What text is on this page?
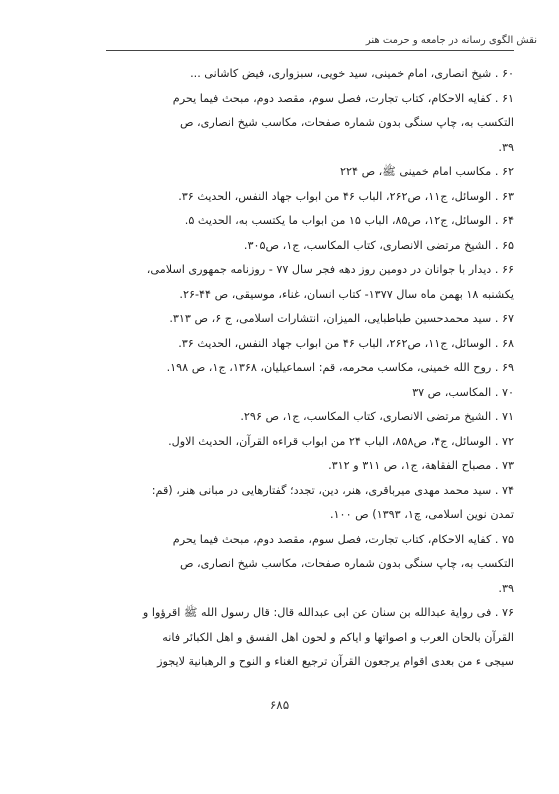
نقش الگوی رسانه در جامعه و حرمت هنر
۶۰ . شیخ انصاری، امام خمینی، سید خویی، سبزواری، فیض کاشانی ...
۶۱ . کفایه الاحکام، کتاب تجارت، فصل سوم، مقصد دوم، مبحث فیما یحرم
التکسب به، چاپ سنگی بدون شماره صفحات، مکاسب شیخ انصاری، ص
۳۹.
۶۲ . مکاسب امام خمینی ﷺ، ص ۲۲۴
۶۳ . الوسائل، ج۱۱، ص۲۶۲، الباب ۴۶ من ابواب جهاد النفس، الحدیث ۳۶.
۶۴ . الوسائل، ج۱۲، ص۸۵، الباب ۱۵ من ابواب ما یکتسب به، الحدیث ۵.
۶۵ . الشیخ مرتضی الانصاری، کتاب المکاسب، ج۱، ص۳۰۵.
۶۶ . دیدار با جوانان در دومین روز دهه فجر سال ۷۷ - روزنامه جمهوری اسلامی،
یکشنبه ۱۸ بهمن ماه سال ۱۳۷۷- کتاب انسان، غناء، موسیقی، ص ۴۴-۲۶.
۶۷ . سید محمدحسین طباطبایی، المیزان، انتشارات اسلامی، ج ۶، ص ۳۱۳.
۶۸ . الوسائل، ج۱۱، ص۲۶۲، الباب ۴۶ من ابواب جهاد النفس، الحدیث ۳۶.
۶۹ . روح الله خمینی، مکاسب محرمه، قم: اسماعیلیان، ۱۳۶۸، ج۱، ص ۱۹۸.
۷۰ . المکاسب، ص ۳۷
۷۱ . الشیخ مرتضی الانصاری، کتاب المکاسب، ج۱، ص ۲۹۶.
۷۲ . الوسائل، ج۴، ص۸۵۸، الباب ۲۴ من ابواب قراءه القرآن، الحدیث الاول.
۷۳ . مصباح الفقاهة، ج۱، ص ۳۱۱ و ۳۱۲.
۷۴ . سید محمد مهدی میرباقری، هنر، دین، تجدد؛ گفتارهایی در مبانی هنر، (قم:
تمدن نوین اسلامی، چ۱، ۱۳۹۳) ص ۱۰۰.
۷۵ . کفایه الاحکام، کتاب تجارت، فصل سوم، مقصد دوم، مبحث فیما یحرم
التکسب به، چاپ سنگی بدون شماره صفحات، مکاسب شیخ انصاری، ص
۳۹.
۷۶ . فی روایة عبدالله بن سنان عن ابی عبدالله قال: قال رسول الله ﷺ اقرؤوا و
القرآن بالحان العرب و اصواتها و ایاکم و لحون اهل الفسق و اهل الکبائر فانه
سیجی ء من بعدی اقوام یرجعون القرآن ترجیع الغناء و النوح و الرهبانیة لایجوز
۶۸۵
